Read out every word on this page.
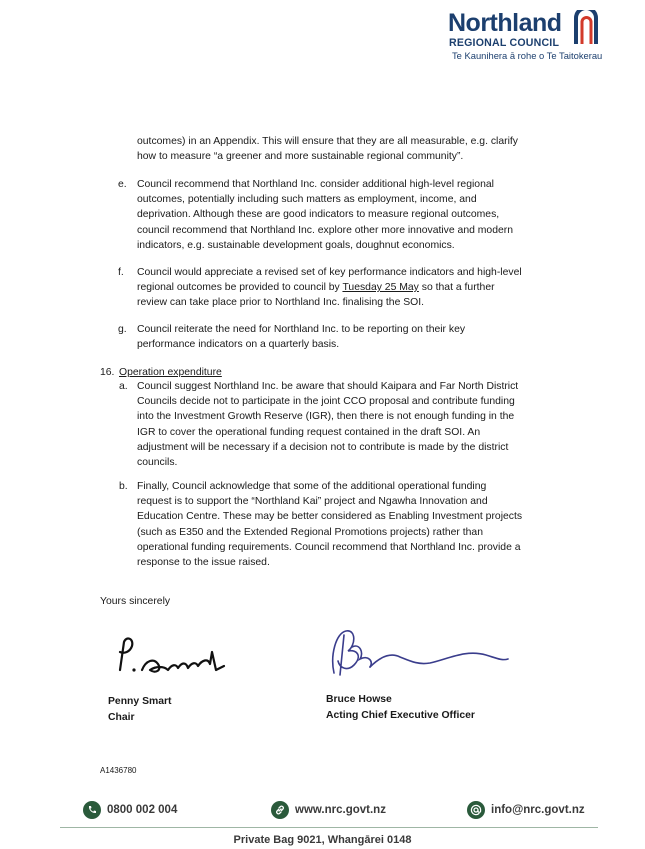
Northland
REGIONAL COUNCIL
Te Kaunihera ā rohe o Te Taitokerau
outcomes) in an Appendix. This will ensure that they are all measurable, e.g. clarify
how to measure “a greener and more sustainable regional community”.
e. Council recommend that Northland Inc. consider additional high-level regional
outcomes, potentially including such matters as employment, income, and
deprivation. Although these are good indicators to measure regional outcomes,
council recommend that Northland Inc. explore other more innovative and modern
indicators, e.g. sustainable development goals, doughnut economics.
f. Council would appreciate a revised set of key performance indicators and high-level
regional outcomes be provided to council by Tuesday 25 May so that a further
review can take place prior to Northland Inc. finalising the SOI.
g. Council reiterate the need for Northland Inc. to be reporting on their key
performance indicators on a quarterly basis.
16. Operation expenditure
a. Council suggest Northland Inc. be aware that should Kaipara and Far North District
Councils decide not to participate in the joint CCO proposal and contribute funding
into the Investment Growth Reserve (IGR), then there is not enough funding in the
IGR to cover the operational funding request contained in the draft SOI. An
adjustment will be necessary if a decision not to contribute is made by the district
councils.
b. Finally, Council acknowledge that some of the additional operational funding
request is to support the “Northland Kai” project and Ngawha Innovation and
Education Centre. These may be better considered as Enabling Investment projects
(such as E350 and the Extended Regional Promotions projects) rather than
operational funding requirements. Council recommend that Northland Inc. provide a
response to the issue raised.
Yours sincerely
Penny Smart
Chair
Bruce Howse
Acting Chief Executive Officer
A1436780
0800 002 004	www.nrc.govt.nz	info@nrc.govt.nz
Private Bag 9021, Whangārei 0148
